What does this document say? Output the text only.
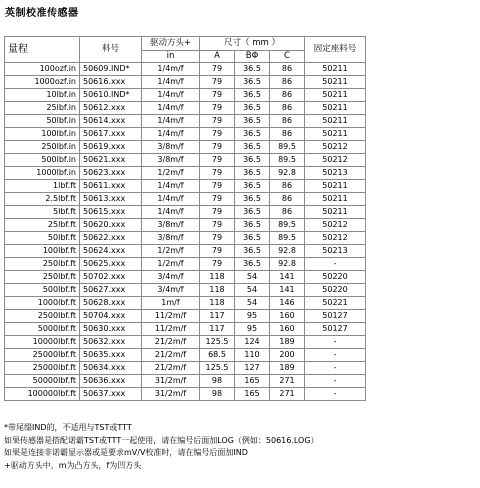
英制校准传感器
量程	料号	驱动方头+	尺寸（ mm ）			固定座料号
		in	A	BΦ	C	
100ozf.in	50609.IND*	1/4m/f	79	36.5	86	50211
1000ozf.in	50616.xxx	1/4m/f	79	36.5	86	50211
10lbf.in	50610.IND*	1/4m/f	79	36.5	86	50211
25lbf.in	50612.xxx	1/4m/f	79	36.5	86	50211
50lbf.in	50614.xxx	1/4m/f	79	36.5	86	50211
100lbf.in	50617.xxx	1/4m/f	79	36.5	86	50211
250lbf.in	50619.xxx	3/8m/f	79	36.5	89.5	50212
500lbf.in	50621.xxx	3/8m/f	79	36.5	89.5	50212
1000lbf.in	50623.xxx	1/2m/f	79	36.5	92.8	50213
1lbf.ft	50611.xxx	1/4m/f	79	36.5	86	50211
2.5lbf.ft	50613.xxx	1/4m/f	79	36.5	86	50211
5lbf.ft	50615.xxx	1/4m/f	79	36.5	86	50211
25lbf.ft	50620.xxx	3/8m/f	79	36.5	89.5	50212
50lbf.ft	50622.xxx	3/8m/f	79	36.5	89.5	50212
100lbf.ft	50624.xxx	1/2m/f	79	36.5	92.8	50213
250lbf.ft	50625.xxx	1/2m/f	79	36.5	92.8	-
250lbf.ft	50702.xxx	3/4m/f	118	54	141	50220
500lbf.ft	50627.xxx	3/4m/f	118	54	141	50220
1000lbf.ft	50628.xxx	1m/f	118	54	146	50221
2500lbf.ft	50704.xxx	11/2m/f	117	95	160	50127
5000lbf.ft	50630.xxx	11/2m/f	117	95	160	50127
10000lbf.ft	50632.xxx	21/2m/f	125.5	124	189	-
25000lbf.ft	50635.xxx	21/2m/f	68.5	110	200	-
25000lbf.ft	50634.xxx	21/2m/f	125.5	127	189	-
50000lbf.ft	50636.xxx	31/2m/f	98	165	271	-
100000lbf.ft	50637.xxx	31/2m/f	98	165	271	-
*带尾缀IND的，不适用与TST或TTT
如果传感器是搭配诺霸TST或TTT一起使用，请在编号后面加LOG（例如：50616.LOG）
如果是连接非诺霸显示器或是要求mV/V校准时，请在编号后面加IND
+驱动方头中，m为凸方头，f为凹方头
